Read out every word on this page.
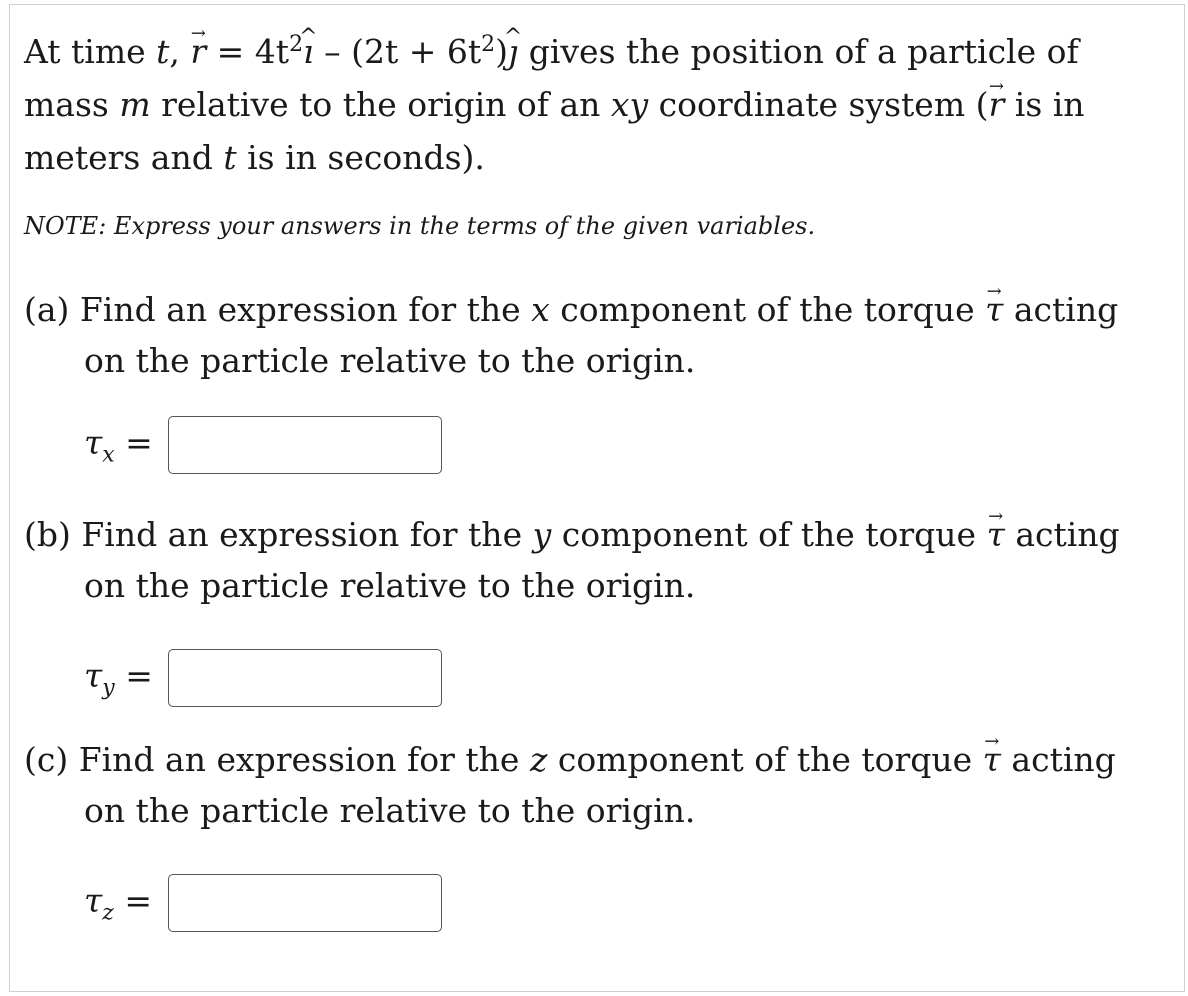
At time t, → $r = 4t^2\^{}$ ı – $(2t + 6t^2)\^{}$ ȷ gives the position of a particle of
mass m relative to the origin of an xy coordinate system (→ r is in
meters and t is in seconds).
NOTE: Express your answers in the terms of the given variables.
(a) Find an expression for the x component of the torque → τ acting
on the particle relative to the origin.
$\tau_x$ =
(b) Find an expression for the y component of the torque → τ acting
on the particle relative to the origin.
$\tau_y$ =
(c) Find an expression for the z component of the torque → τ acting
on the particle relative to the origin.
$\tau_z$ =
